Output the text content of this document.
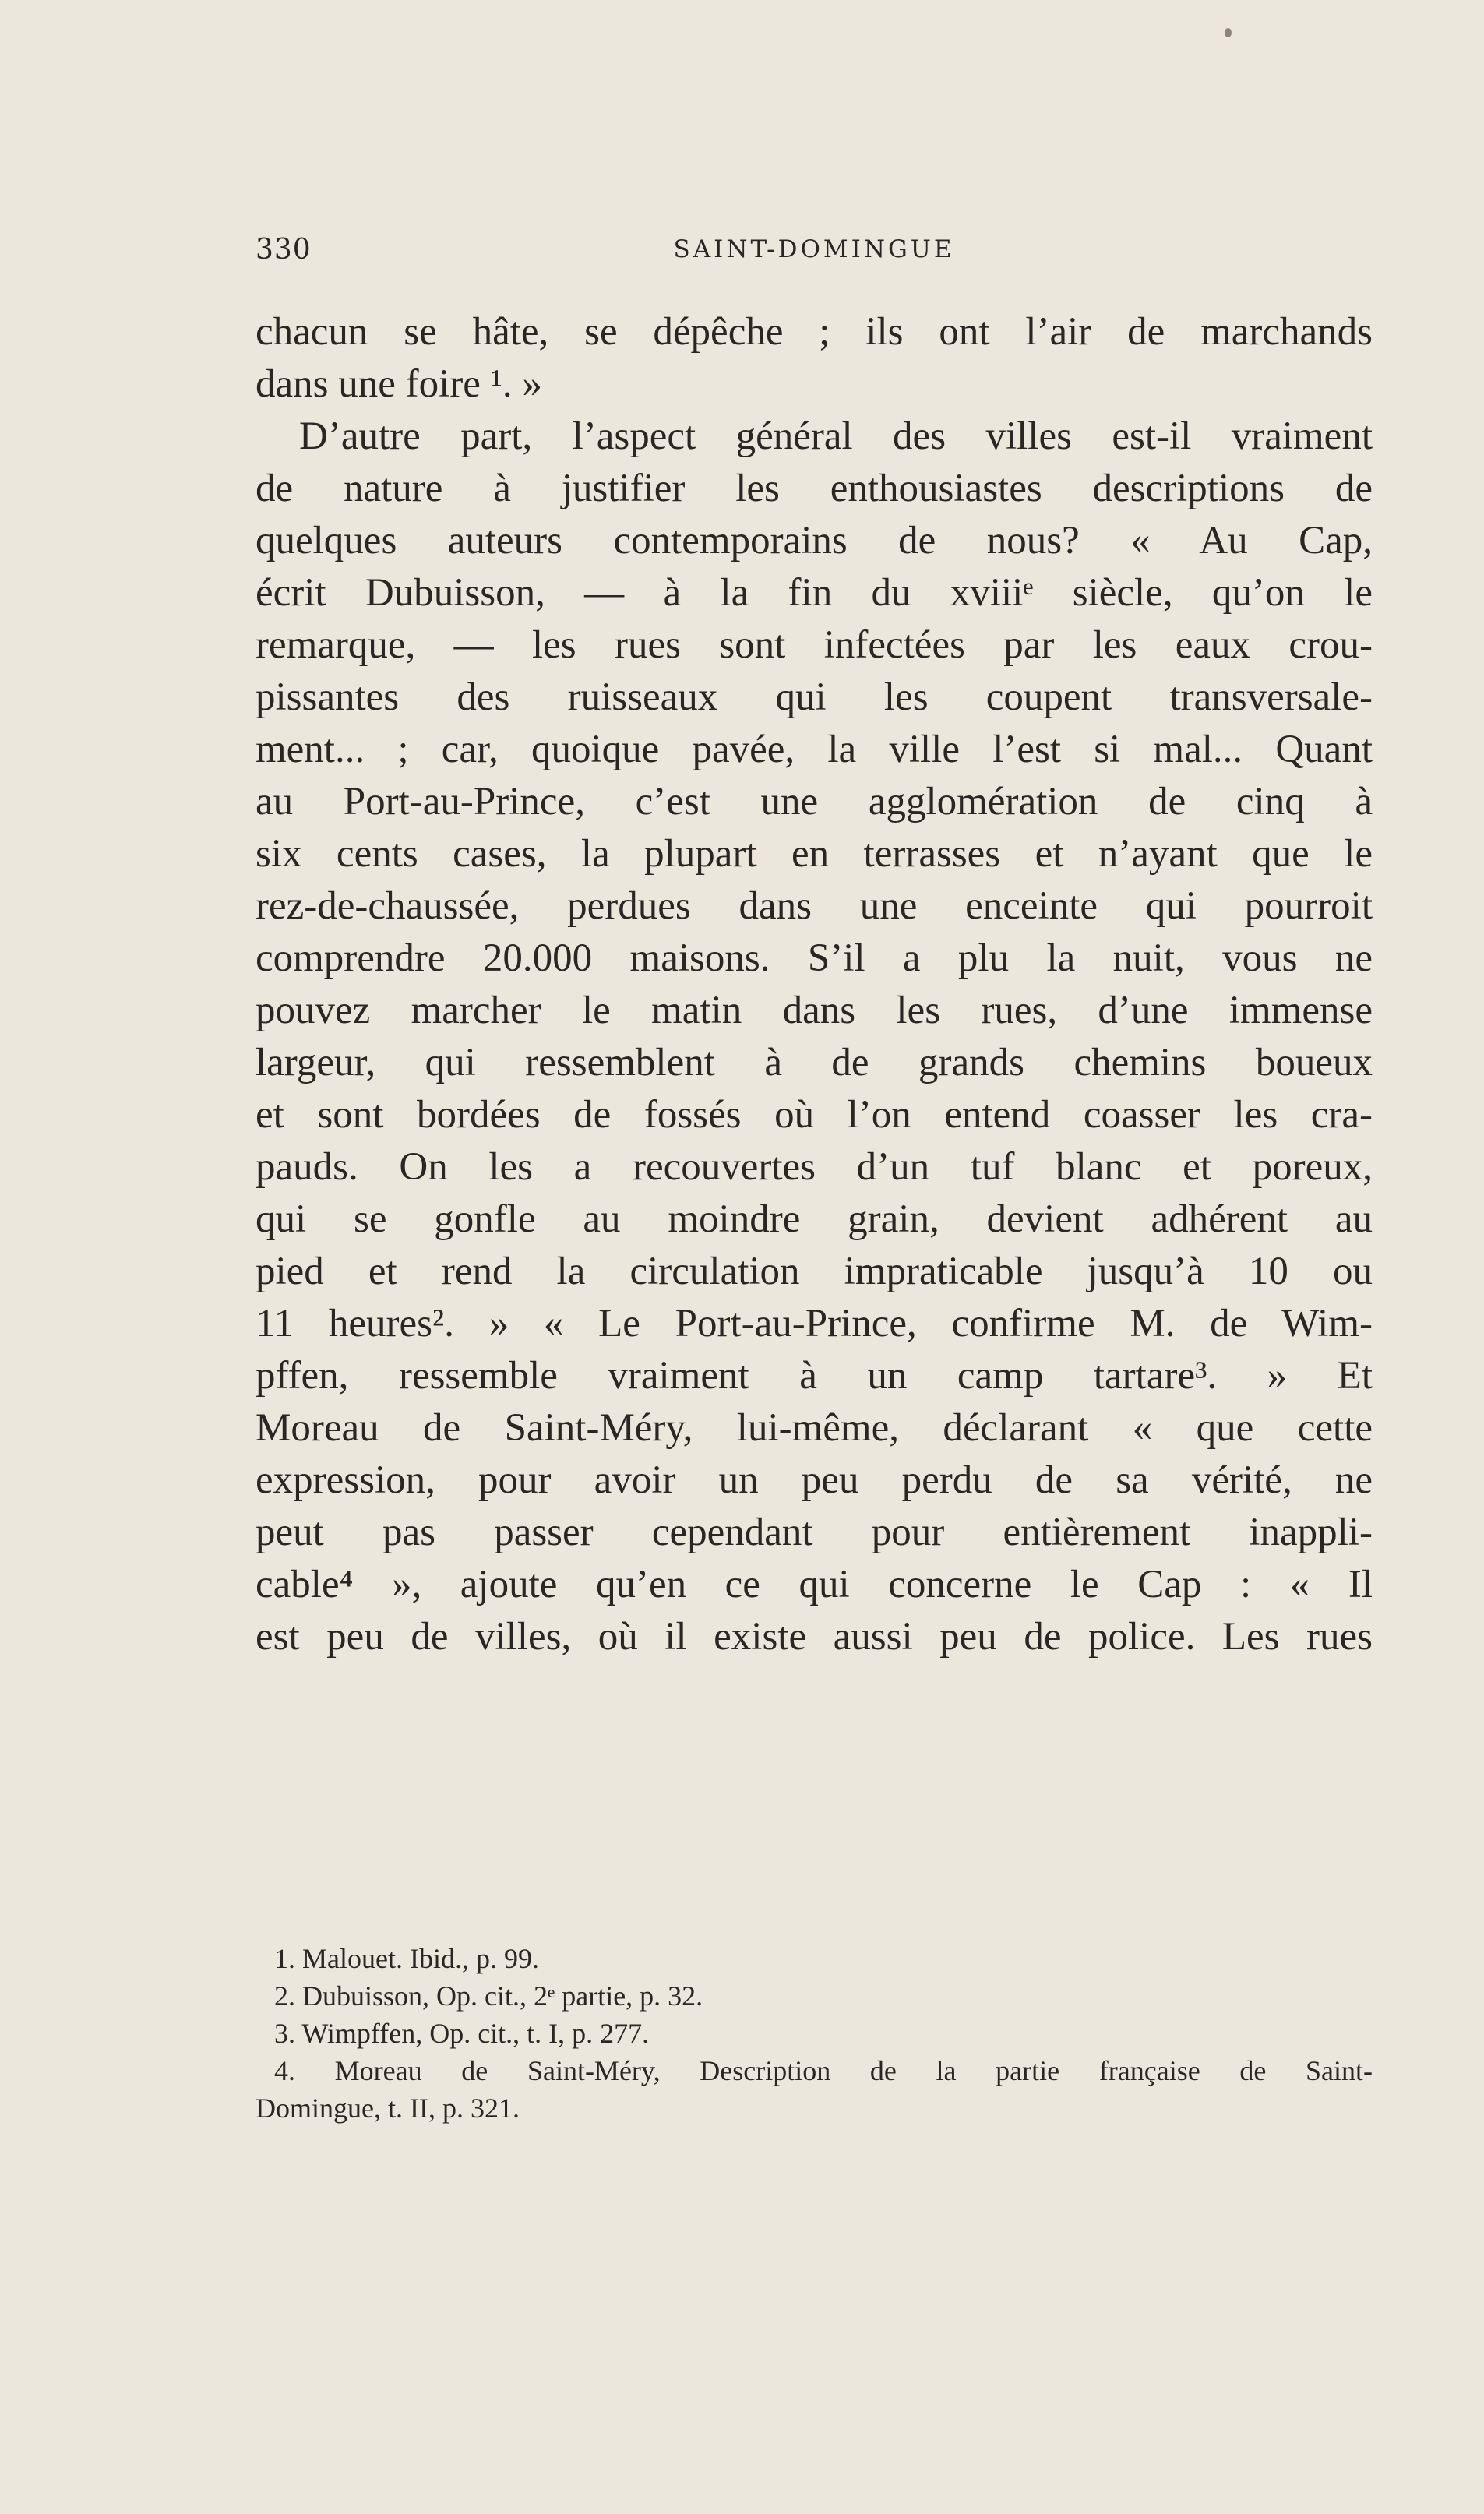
330	SAINT-DOMINGUE
chacun se hâte, se dépêche ; ils ont l’air de marchands
dans une foire ¹. »
D’autre part, l’aspect général des villes est-il vraiment
de nature à justifier les enthousiastes descriptions de
quelques auteurs contemporains de nous? « Au Cap,
écrit Dubuisson, — à la fin du xviiiᵉ siècle, qu’on le
remarque, — les rues sont infectées par les eaux crou-
pissantes des ruisseaux qui les coupent transversale-
ment... ; car, quoique pavée, la ville l’est si mal... Quant
au Port-au-Prince, c’est une agglomération de cinq à
six cents cases, la plupart en terrasses et n’ayant que le
rez-de-chaussée, perdues dans une enceinte qui pourroit
comprendre 20.000 maisons. S’il a plu la nuit, vous ne
pouvez marcher le matin dans les rues, d’une immense
largeur, qui ressemblent à de grands chemins boueux
et sont bordées de fossés où l’on entend coasser les cra-
pauds. On les a recouvertes d’un tuf blanc et poreux,
qui se gonfle au moindre grain, devient adhérent au
pied et rend la circulation impraticable jusqu’à 10 ou
11 heures². » « Le Port-au-Prince, confirme M. de Wim-
pffen, ressemble vraiment à un camp tartare³. » Et
Moreau de Saint-Méry, lui-même, déclarant « que cette
expression, pour avoir un peu perdu de sa vérité, ne
peut pas passer cependant pour entièrement inappli-
cable⁴ », ajoute qu’en ce qui concerne le Cap : « Il
est peu de villes, où il existe aussi peu de police. Les rues
1. Malouet. Ibid., p. 99.
2. Dubuisson, Op. cit., 2ᵉ partie, p. 32.
3. Wimpffen, Op. cit., t. I, p. 277.
4. Moreau de Saint-Méry, Description de la partie française de Saint-
Domingue, t. II, p. 321.
